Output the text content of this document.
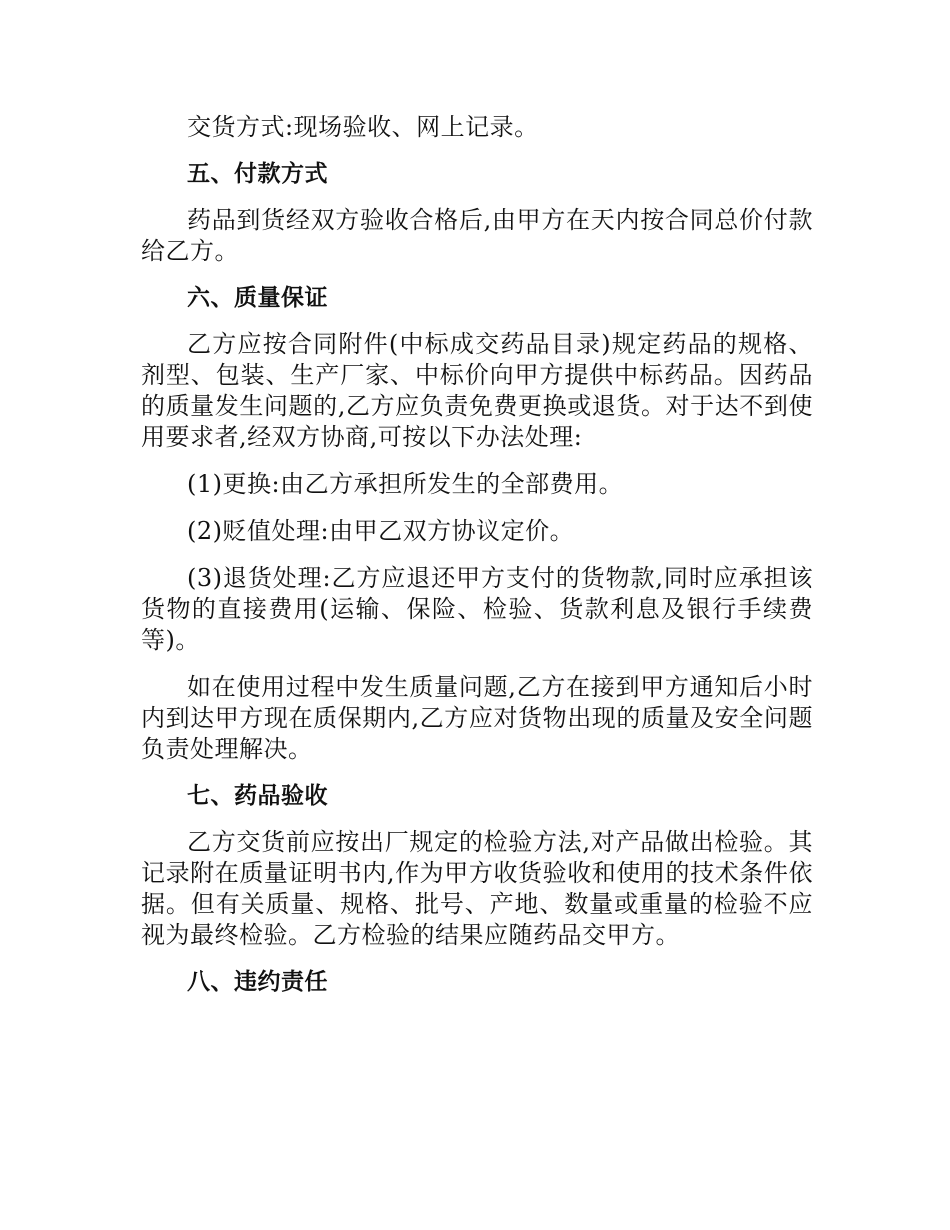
交货方式:现场验收、网上记录。

五、付款方式

药品到货经双方验收合格后,由甲方在天内按合同总价付款给乙方。

六、质量保证

乙方应按合同附件(中标成交药品目录)规定药品的规格、剂型、包装、生产厂家、中标价向甲方提供中标药品。因药品的质量发生问题的,乙方应负责免费更换或退货。对于达不到使用要求者,经双方协商,可按以下办法处理:

(1)更换:由乙方承担所发生的全部费用。

(2)贬值处理:由甲乙双方协议定价。

(3)退货处理:乙方应退还甲方支付的货物款,同时应承担该货物的直接费用(运输、保险、检验、货款利息及银行手续费等)。

如在使用过程中发生质量问题,乙方在接到甲方通知后小时内到达甲方现在质保期内,乙方应对货物出现的质量及安全问题负责处理解决。

七、药品验收

乙方交货前应按出厂规定的检验方法,对产品做出检验。其记录附在质量证明书内,作为甲方收货验收和使用的技术条件依据。但有关质量、规格、批号、产地、数量或重量的检验不应视为最终检验。乙方检验的结果应随药品交甲方。

八、违约责任
